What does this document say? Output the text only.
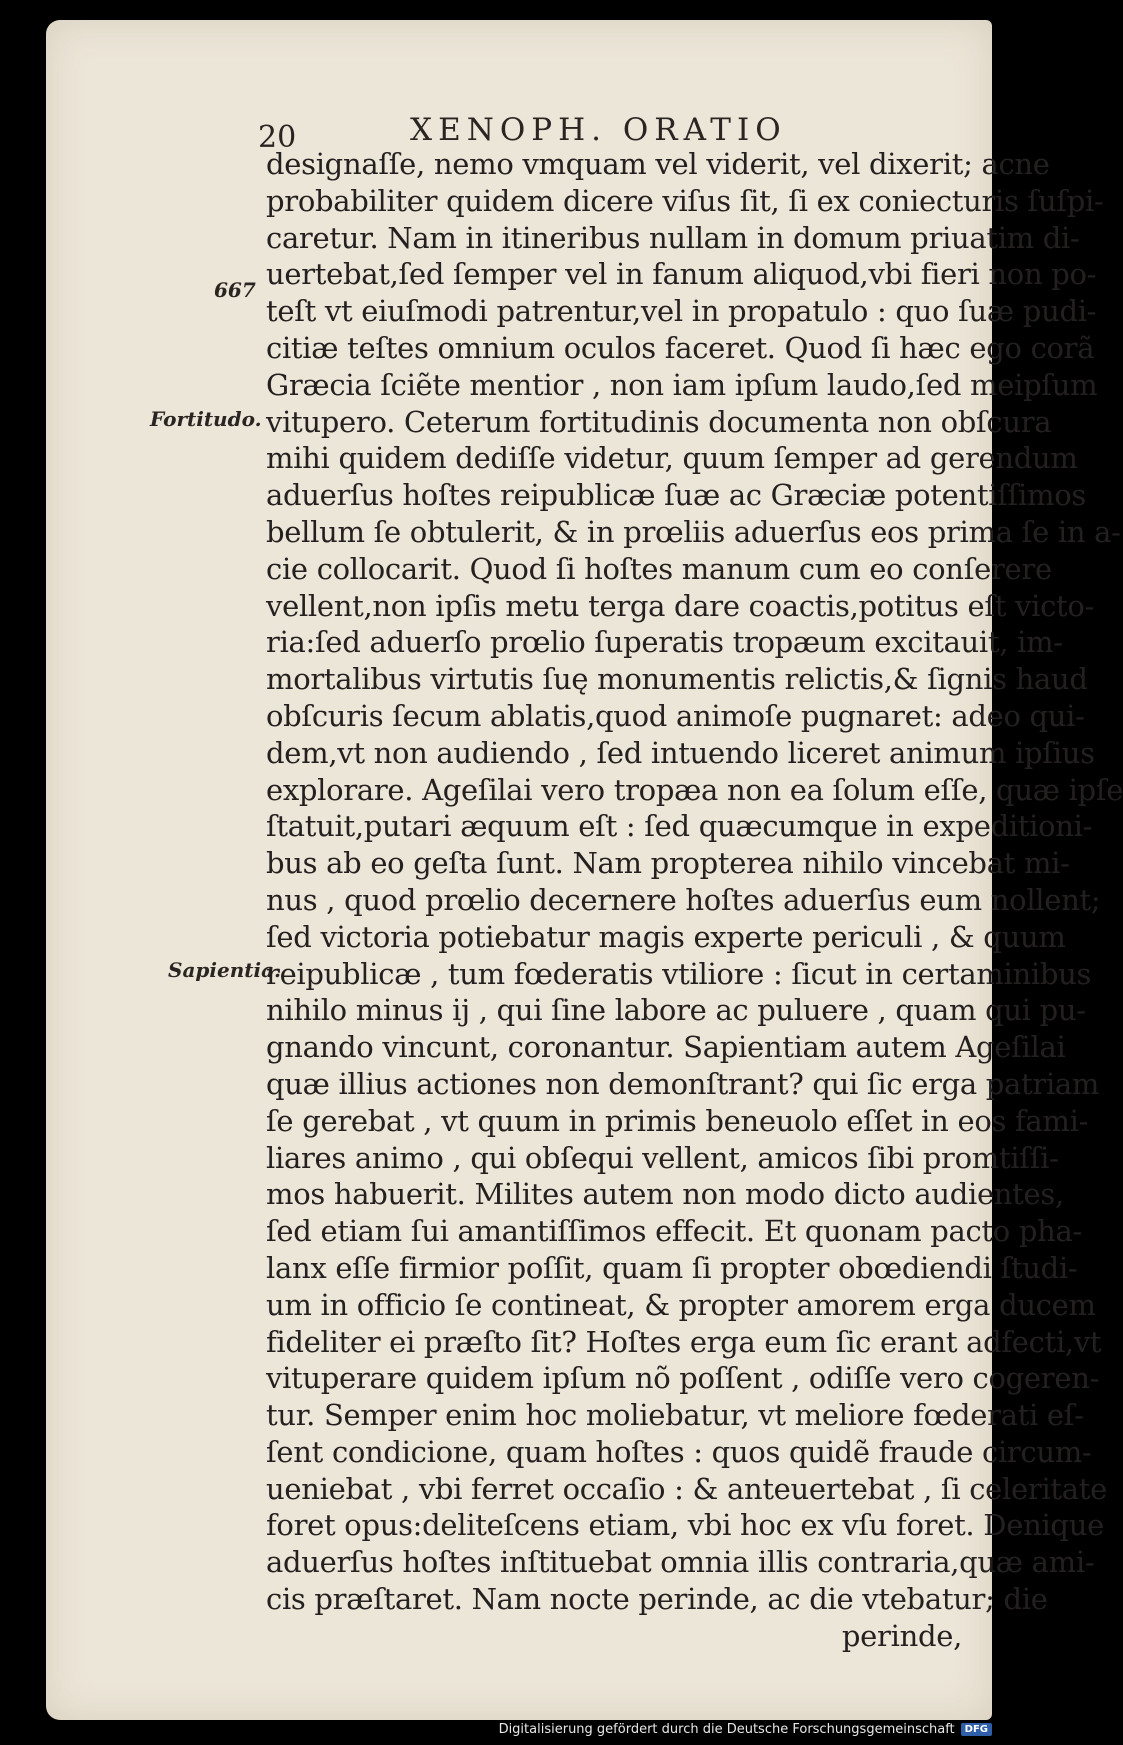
20	XENOPH. ORATIO
667
Fortitudo.
Sapientia.
designaſſe, nemo vmquam vel viderit, vel dixerit; acne
probabiliter quidem dicere viſus ſit, ſi ex coniecturis ſuſpi-
caretur. Nam in itineribus nullam in domum priuatim di-
uertebat,ſed ſemper vel in fanum aliquod,vbi fieri non po-
teſt vt eiuſmodi patrentur,vel in propatulo : quo ſuæ pudi-
citiæ teſtes omnium oculos faceret. Quod ſi hæc ego corã
Græcia ſciẽte mentior , non iam ipſum laudo,ſed meipſum
vitupero. Ceterum fortitudinis documenta non obſcura
mihi quidem dediſſe videtur, quum ſemper ad gerendum
aduerſus hoſtes reipublicæ ſuæ ac Græciæ potentiſſimos
bellum ſe obtulerit, & in prœliis aduerſus eos prima ſe in a-
cie collocarit. Quod ſi hoſtes manum cum eo conſerere
vellent,non ipſis metu terga dare coactis,potitus eſt victo-
ria:ſed aduerſo prœlio ſuperatis tropæum excitauit, im-
mortalibus virtutis ſuę monumentis relictis,& ſignis haud
obſcuris ſecum ablatis,quod animoſe pugnaret: adeo qui-
dem,vt non audiendo , ſed intuendo liceret animum ipſius
explorare. Ageſilai vero tropæa non ea ſolum eſſe, quæ ipſe
ſtatuit,putari æquum eſt : ſed quæcumque in expeditioni-
bus ab eo geſta ſunt. Nam propterea nihilo vincebat mi-
nus , quod prœlio decernere hoſtes aduerſus eum nollent;
ſed victoria potiebatur magis experte periculi , & quum
reipublicæ , tum fœderatis vtiliore : ſicut in certaminibus
nihilo minus ij , qui ſine labore ac puluere , quam qui pu-
gnando vincunt, coronantur. Sapientiam autem Ageſilai
quæ illius actiones non demonſtrant? qui ſic erga patriam
ſe gerebat , vt quum in primis beneuolo eſſet in eos fami-
liares animo , qui obſequi vellent, amicos ſibi promtiſſi-
mos habuerit. Milites autem non modo dicto audientes,
ſed etiam ſui amantiſſimos effecit. Et quonam pacto pha-
lanx eſſe firmior poſſit, quam ſi propter obœdiendi ſtudi-
um in officio ſe contineat, & propter amorem erga ducem
fideliter ei præſto ſit? Hoſtes erga eum ſic erant adfecti,vt
vituperare quidem ipſum nõ poſſent , odiſſe vero cogeren-
tur. Semper enim hoc moliebatur, vt meliore fœderati eſ-
ſent condicione, quam hoſtes : quos quidẽ fraude circum-
ueniebat , vbi ferret occaſio : & anteuertebat , ſi celeritate
foret opus:deliteſcens etiam, vbi hoc ex vſu foret. Denique
aduerſus hoſtes inſtituebat omnia illis contraria,quæ ami-
cis præſtaret. Nam nocte perinde, ac die vtebatur; die
perinde,
Digitalisierung gefördert durch die Deutsche Forschungsgemeinschaft	DFG
